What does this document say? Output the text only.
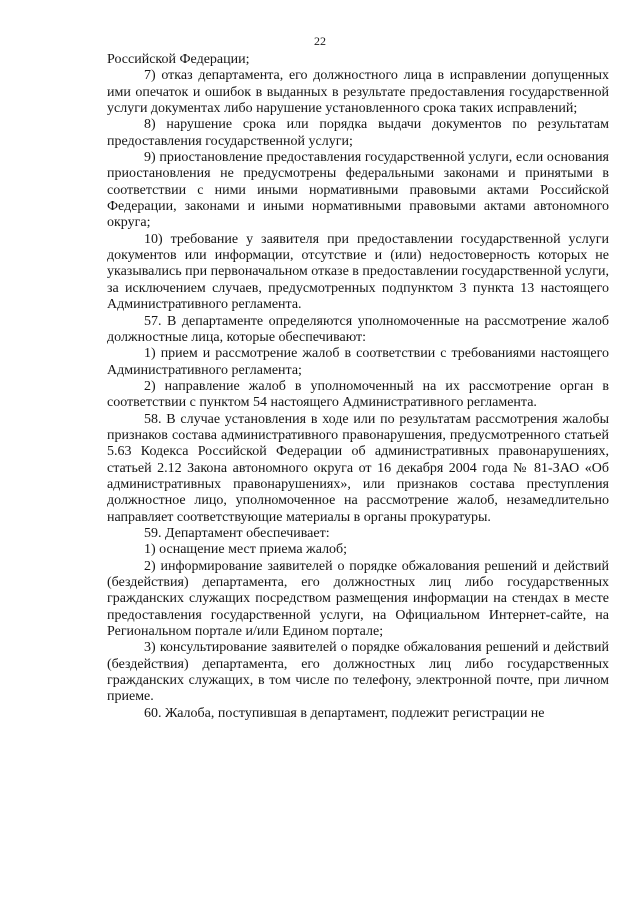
22

Российской Федерации;

7) отказ департамента, его должностного лица в исправлении допущенных ими опечаток и ошибок в выданных в результате предоставления государственной услуги документах либо нарушение установленного срока таких исправлений;

8) нарушение срока или порядка выдачи документов по результатам предоставления государственной услуги;

9) приостановление предоставления государственной услуги, если основания приостановления не предусмотрены федеральными законами и принятыми в соответствии с ними иными нормативными правовыми актами Российской Федерации, законами и иными нормативными правовыми актами автономного округа;

10) требование у заявителя при предоставлении государственной услуги документов или информации, отсутствие и (или) недостоверность которых не указывались при первоначальном отказе в предоставлении государственной услуги, за исключением случаев, предусмотренных подпунктом 3 пункта 13 настоящего Административного регламента.

57. В департаменте определяются уполномоченные на рассмотрение жалоб должностные лица, которые обеспечивают:

1) прием и рассмотрение жалоб в соответствии с требованиями настоящего Административного регламента;

2) направление жалоб в уполномоченный на их рассмотрение орган в соответствии с пунктом 54 настоящего Административного регламента.

58. В случае установления в ходе или по результатам рассмотрения жалобы признаков состава административного правонарушения, предусмотренного статьей 5.63 Кодекса Российской Федерации об административных правонарушениях, статьей 2.12 Закона автономного округа от 16 декабря 2004 года № 81-ЗАО «Об административных правонарушениях», или признаков состава преступления должностное лицо, уполномоченное на рассмотрение жалоб, незамедлительно направляет соответствующие материалы в органы прокуратуры.

59. Департамент обеспечивает:

1) оснащение мест приема жалоб;

2) информирование заявителей о порядке обжалования решений и действий (бездействия) департамента, его должностных лиц либо государственных гражданских служащих посредством размещения информации на стендах в месте предоставления государственной услуги, на Официальном Интернет-сайте, на Региональном портале и/или Едином портале;

3) консультирование заявителей о порядке обжалования решений и действий (бездействия) департамента, его должностных лиц либо государственных гражданских служащих, в том числе по телефону, электронной почте, при личном приеме.

60. Жалоба, поступившая в департамент, подлежит регистрации не
